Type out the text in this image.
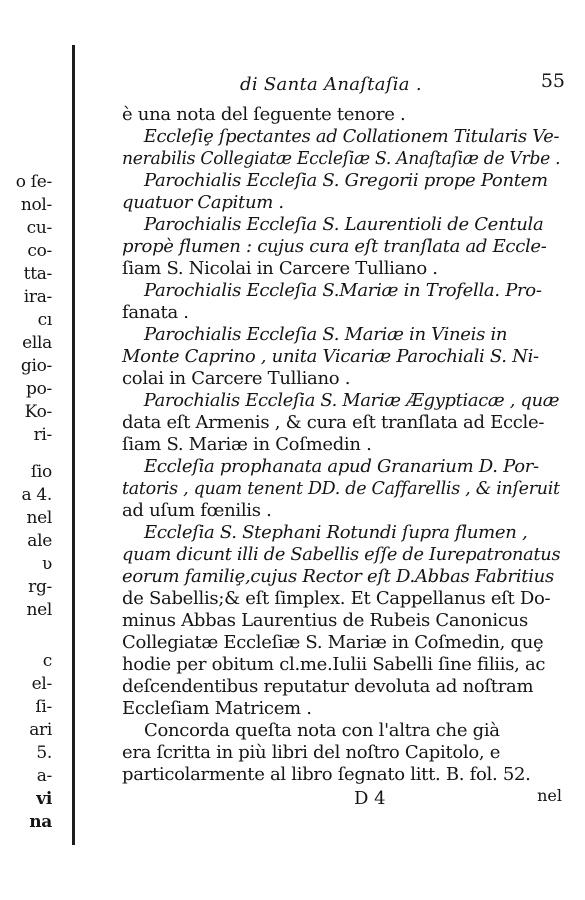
o ſe-
nol-
cu-
co-
tta-
ira-
cı
ella
gio-
po-
Ko-
ri-
ſio
a 4.
nel
ale
ʋ
rg-
nel
c
el-
ſi-
ari
5.
a-
vi
na
di Santa Anaſtaſia .	55
è una nota del ſeguente tenore .
Eccleſiȩ ſpectantes ad Collationem Titularis Ve-
nerabilis Collegiatæ Eccleſiæ S. Anaſtaſiæ de Vrbe .
Parochialis Eccleſia S. Gregorii prope Pontem
quatuor Capitum .
Parochialis Eccleſia S. Laurentioli de Centula
propè flumen : cujus cura eſt tranſlata ad Eccle-
ſiam S. Nicolai in Carcere Tulliano .
Parochialis Eccleſia S.Mariæ in Trofella. Pro-
fanata .
Parochialis Eccleſia S. Mariæ in Vineis in
Monte Caprino , unita Vicariæ Parochiali S. Ni-
colai in Carcere Tulliano .
Parochialis Eccleſia S. Mariæ Ægyptiacæ , quæ
data eſt Armenis , & cura eſt tranſlata ad Eccle-
ſiam S. Mariæ in Coſmedin .
Eccleſia prophanata apud Granarium D. Por-
tatoris , quam tenent DD. de Caffarellis , & inſeruit
ad uſum fœnilis .
Eccleſia S. Stephani Rotundi ſupra flumen ,
quam dicunt illi de Sabellis eſſe de Iurepatronatus
eorum familiȩ,cujus Rector eſt D.Abbas Fabritius
de Sabellis;& eſt ſimplex. Et Cappellanus eſt Do-
minus Abbas Laurentius de Rubeis Canonicus
Collegiatæ Eccleſiæ S. Mariæ in Coſmedin, quȩ
hodie per obitum cl.me.Iulii Sabelli ſine filiis, ac
deſcendentibus reputatur devoluta ad noſtram
Eccleſiam Matricem .
Concorda queſta nota con l'altra che già
era ſcritta in più libri del noſtro Capitolo, e
particolarmente al libro ſegnato litt. B. fol. 52.
D 4	nel
